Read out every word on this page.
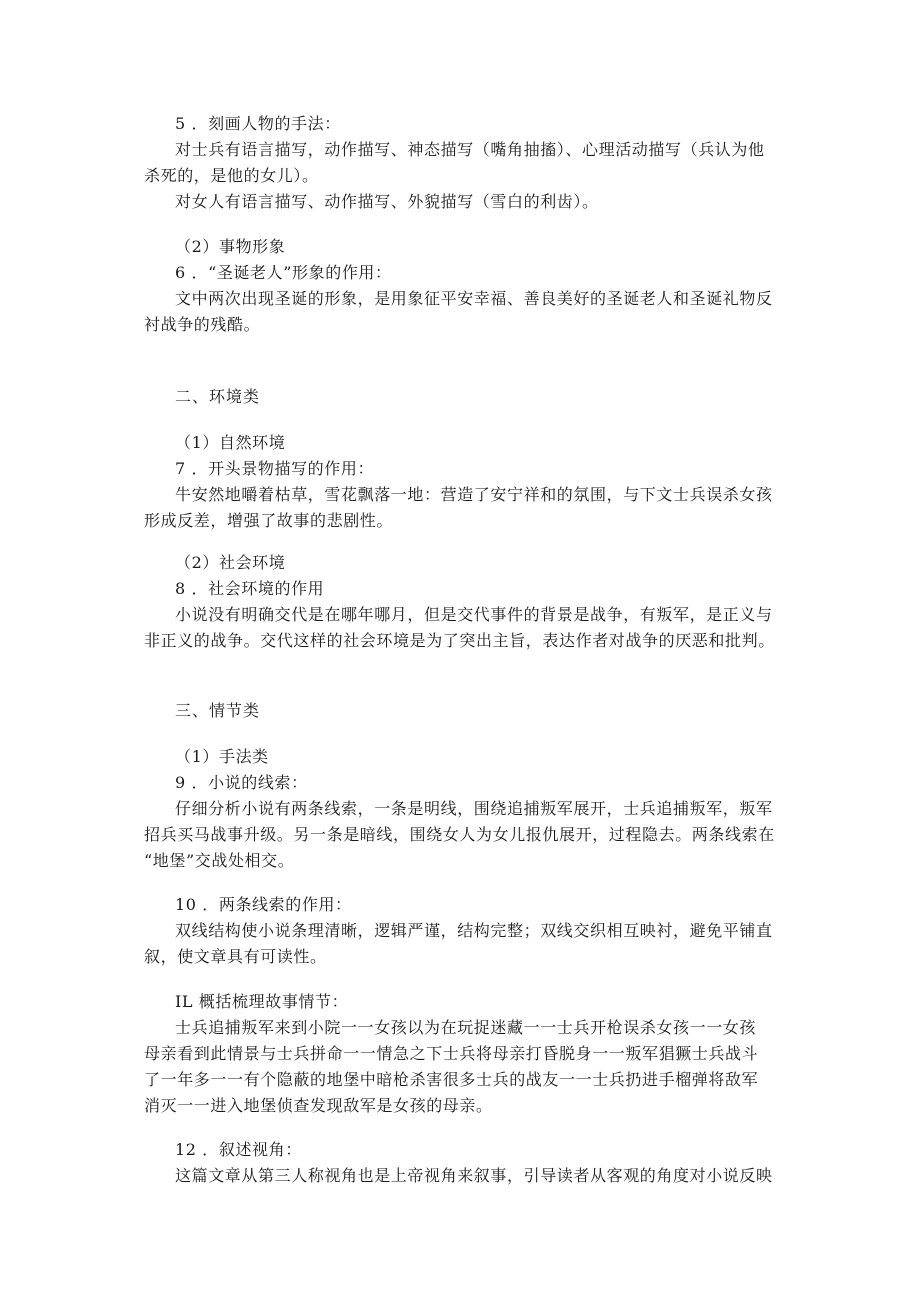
5 ．刻画人物的手法：
对士兵有语言描写，动作描写、神态描写（嘴角抽搐）、心理活动描写（兵认为他
杀死的，是他的女儿）。
对女人有语言描写、动作描写、外貌描写（雪白的利齿）。
（2）事物形象
6 ．“圣诞老人”形象的作用：
文中两次出现圣诞的形象，是用象征平安幸福、善良美好的圣诞老人和圣诞礼物反
衬战争的残酷。
二、环境类
（1）自然环境
7 ．开头景物描写的作用：
牛安然地嚼着枯草，雪花飘落一地：营造了安宁祥和的氛围，与下文士兵误杀女孩
形成反差，增强了故事的悲剧性。
（2）社会环境
8 ．社会环境的作用
小说没有明确交代是在哪年哪月，但是交代事件的背景是战争，有叛军，是正义与
非正义的战争。交代这样的社会环境是为了突出主旨，表达作者对战争的厌恶和批判。
三、情节类
（1）手法类
9 ．小说的线索：
仔细分析小说有两条线索，一条是明线，围绕追捕叛军展开，士兵追捕叛军，叛军
招兵买马战事升级。另一条是暗线，围绕女人为女儿报仇展开，过程隐去。两条线索在
“地堡”交战处相交。
10 ．两条线索的作用：
双线结构使小说条理清晰，逻辑严谨，结构完整；双线交织相互映衬，避免平铺直
叙，使文章具有可读性。
IL 概括梳理故事情节：
士兵追捕叛军来到小院一一女孩以为在玩捉迷藏一一士兵开枪误杀女孩一一女孩
母亲看到此情景与士兵拼命一一情急之下士兵将母亲打昏脱身一一叛军猖獗士兵战斗
了一年多一一有个隐蔽的地堡中暗枪杀害很多士兵的战友一一士兵扔进手榴弹将敌军
消灭一一进入地堡侦查发现敌军是女孩的母亲。
12 ．叙述视角：
这篇文章从第三人称视角也是上帝视角来叙事，引导读者从客观的角度对小说反映
